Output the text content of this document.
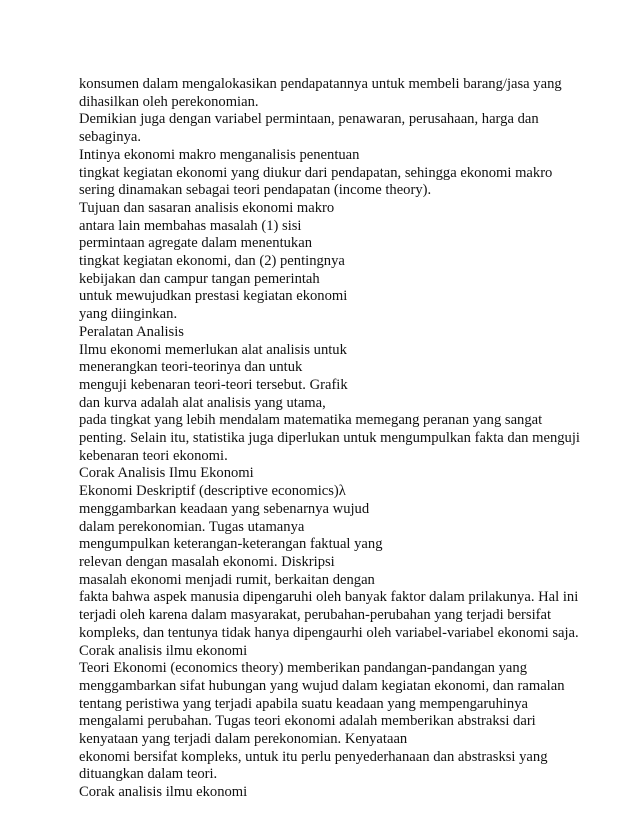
konsumen dalam mengalokasikan pendapatannya untuk membeli barang/jasa yang
dihasilkan oleh perekonomian.
Demikian juga dengan variabel permintaan, penawaran, perusahaan, harga dan
sebaginya.
Intinya ekonomi makro menganalisis penentuan
tingkat kegiatan ekonomi yang diukur dari pendapatan, sehingga ekonomi makro
sering dinamakan sebagai teori pendapatan (income theory).
Tujuan dan sasaran analisis ekonomi makro
antara lain membahas masalah (1) sisi
permintaan agregate dalam menentukan
tingkat kegiatan ekonomi, dan (2) pentingnya
kebijakan dan campur tangan pemerintah
untuk mewujudkan prestasi kegiatan ekonomi
yang diinginkan.
Peralatan Analisis
Ilmu ekonomi memerlukan alat analisis untuk
menerangkan teori-teorinya dan untuk
menguji kebenaran teori-teori tersebut. Grafik
dan kurva adalah alat analisis yang utama,
pada tingkat yang lebih mendalam matematika memegang peranan yang sangat
penting. Selain itu, statistika juga diperlukan untuk mengumpulkan fakta dan menguji
kebenaran teori ekonomi.
Corak Analisis Ilmu Ekonomi
Ekonomi Deskriptif (descriptive economics)λ
menggambarkan keadaan yang sebenarnya wujud
dalam perekonomian. Tugas utamanya
mengumpulkan keterangan-keterangan faktual yang
relevan dengan masalah ekonomi. Diskripsi
masalah ekonomi menjadi rumit, berkaitan dengan
fakta bahwa aspek manusia dipengaruhi oleh banyak faktor dalam prilakunya. Hal ini
terjadi oleh karena dalam masyarakat, perubahan-perubahan yang terjadi bersifat
kompleks, dan tentunya tidak hanya dipengaurhi oleh variabel-variabel ekonomi saja.
Corak analisis ilmu ekonomi
Teori Ekonomi (economics theory) memberikan pandangan-pandangan yang
menggambarkan sifat hubungan yang wujud dalam kegiatan ekonomi, dan ramalan
tentang peristiwa yang terjadi apabila suatu keadaan yang mempengaruhinya
mengalami perubahan. Tugas teori ekonomi adalah memberikan abstraksi dari
kenyataan yang terjadi dalam perekonomian. Kenyataan
ekonomi bersifat kompleks, untuk itu perlu penyederhanaan dan abstrasksi yang
dituangkan dalam teori.
Corak analisis ilmu ekonomi
